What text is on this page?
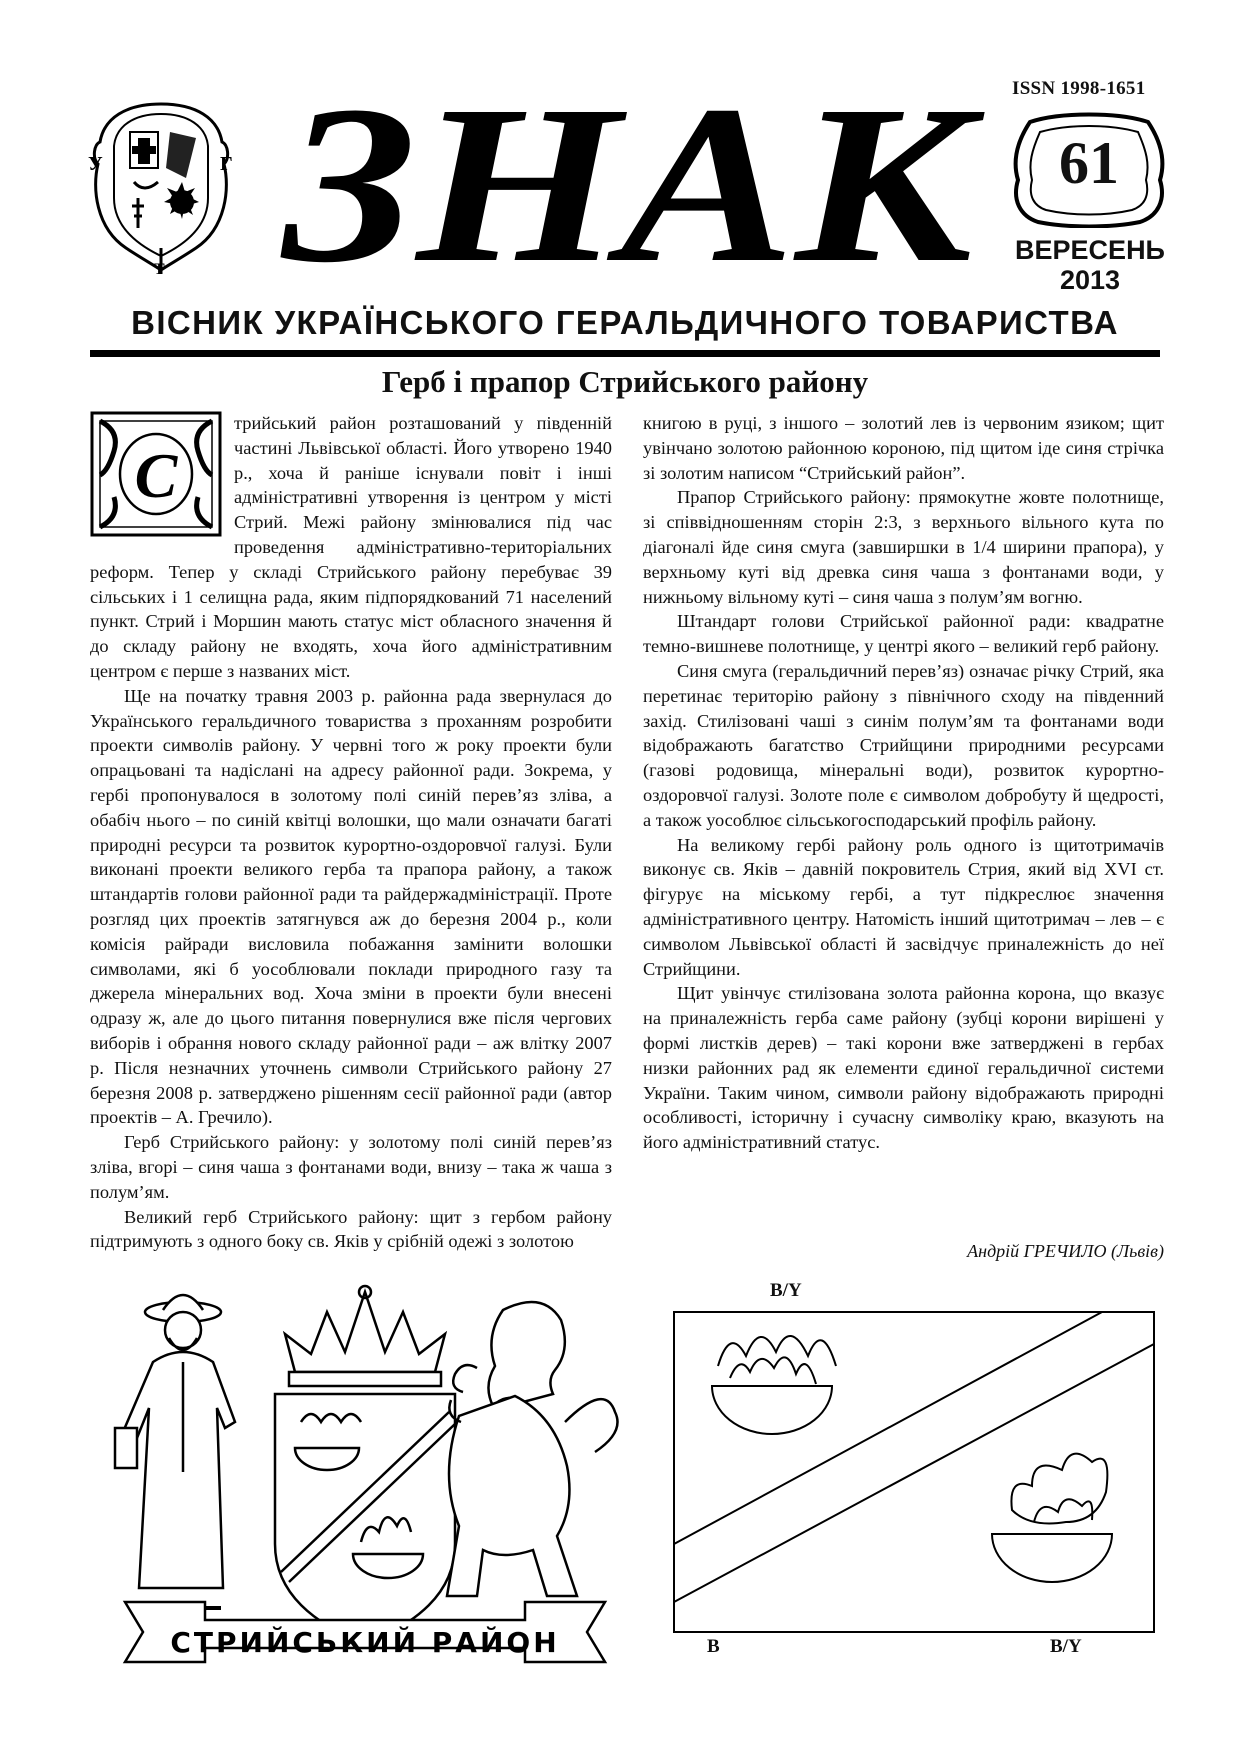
У	Г
Т ЗНАК ISSN 1998-1651
61
ВЕРЕСЕНЬ
2013
ВІСНИК УКРАЇНСЬКОГО ГЕРАЛЬДИЧНОГО ТОВАРИСТВА
Герб і прапор Стрийського району
С

трийський район розташований у південній частині Львівської області. Його утворено 1940 р., хоча й раніше існували повіт і інші адміністративні утворення із центром у місті Стрий. Межі району змінювалися під час проведення адміністративно-територіальних реформ. Тепер у складі Стрийського району перебуває 39 сільських і 1 селищна рада, яким підпорядкований 71 населений пункт. Стрий і Моршин мають статус міст обласного значення й до складу району не входять, хоча його адміністративним центром є перше з названих міст.

Ще на початку травня 2003 р. районна рада звернулася до Українського геральдичного товариства з проханням розробити проекти символів району. У червні того ж року проекти були опрацьовані та надіслані на адресу районної ради. Зокрема, у гербі пропонувалося в золотому полі синій перев’яз зліва, а обабіч нього – по синій квітці волошки, що мали означати багаті природні ресурси та розвиток курортно-оздоровчої галузі. Були виконані проекти великого герба та прапора району, а також штандартів голови районної ради та райдержадміністрації. Проте розгляд цих проектів затягнувся аж до березня 2004 р., коли комісія райради висловила побажання замінити волошки символами, які б уособлювали поклади природного газу та джерела мінеральних вод. Хоча зміни в проекти були внесені одразу ж, але до цього питання повернулися вже після чергових виборів і обрання нового складу районної ради – аж влітку 2007 р. Після незначних уточнень символи Стрийського району 27 березня 2008 р. затверджено рішенням сесії районної ради (автор проектів – А. Гречило).

Герб Стрийського району: у золотому полі синій перев’яз зліва, вгорі – синя чаша з фонтанами води, внизу – така ж чаша з полум’ям.

Великий герб Стрийського району: щит з гербом району підтримують з одного боку св. Яків у срібній одежі з золотою

книгою в руці, з іншого – золотий лев із червоним язиком; щит увінчано золотою районною короною, під щитом іде синя стрічка зі золотим написом “Стрийський район”.

Прапор Стрийського району: прямокутне жовте полотнище, зі співвідношенням сторін 2:3, з верхнього вільного кута по діагоналі йде синя смуга (завширшки в 1/4 ширини прапора), у верхньому куті від древка синя чаша з фонтанами води, у нижньому вільному куті – синя чаша з полум’ям вогню.

Штандарт голови Стрийської районної ради: квадратне темно-вишневе полотнище, у центрі якого – великий герб району.

Синя смуга (геральдичний перев’яз) означає річку Стрий, яка перетинає територію району з північного сходу на південний захід. Стилізовані чаші з синім полум’ям та фонтанами води відображають багатство Стрийщини природними ресурсами (газові родовища, мінеральні води), розвиток курортно-оздоровчої галузі. Золоте поле є символом добробуту й щедрості, а також уособлює сільськогосподарський профіль району.

На великому гербі району роль одного із щитотримачів виконує св. Яків – давній покровитель Стрия, який від XVI ст. фігурує на міському гербі, а тут підкреслює значення адміністративного центру. Натомість інший щитотримач – лев – є символом Львівської області й засвідчує приналежність до неї Стрийщини.

Щит увінчує стилізована золота районна корона, що вказує на приналежність герба саме району (зубці корони вирішені у формі листків дерев) – такі корони вже затверджені в гербах низки районних рад як елементи єдиної геральдичної системи України. Таким чином, символи району відображають природні особливості, історичну і сучасну символіку краю, вказують на його адміністративний статус.

Андрій ГРЕЧИЛО (Львів)
СТРИЙСЬКИЙ РАЙОН
B/Y
B	B/Y
